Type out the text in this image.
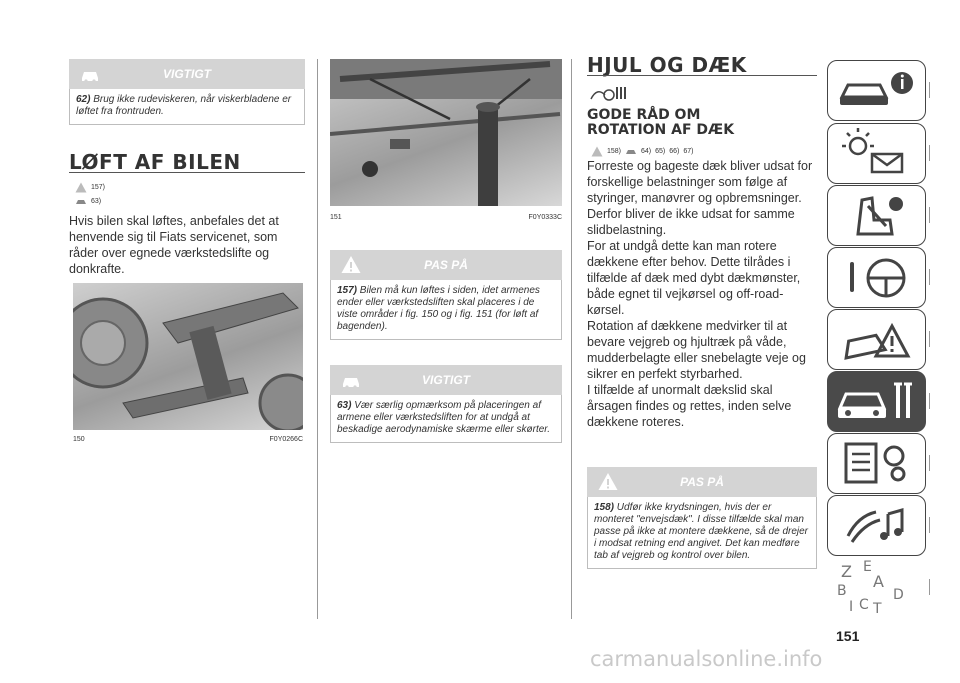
VIGTIGT
62) Brug ikke rudeviskeren, når viskerbladene er løftet fra frontruden.
LØFT AF BILEN
157)
63)
Hvis bilen skal løftes, anbefales det at henvende sig til Fiats servicenet, som råder over egnede værkstedslifte og donkrafte.
150	F0Y0266C
151	F0Y0333C
PAS PÅ
157) Bilen må kun løftes i siden, idet armenes ender eller værkstedsliften skal placeres i de viste områder i fig. 150 og i fig. 151 (for løft af bagenden).
VIGTIGT
63) Vær særlig opmærksom på placeringen af armene eller værkstedsliften for at undgå at beskadige aerodynamiske skærme eller skørter.
HJUL OG DÆK
GODE RÅD OM
ROTATION AF DÆK
158)	64) 65) 66) 67)
Forreste og bageste dæk bliver udsat for forskellige belastninger som følge af styringer, manøvrer og opbremsninger. Derfor bliver de ikke udsat for samme slidbelastning.
For at undgå dette kan man rotere dækkene efter behov. Dette tilrådes i tilfælde af dæk med dybt dækmønster, både egnet til vejkørsel og off-road-kørsel.
Rotation af dækkene medvirker til at bevare vejgreb og hjultræk på våde, mudderbelagte eller snebelagte veje og sikrer en perfekt styrbarhed.
I tilfælde af unormalt dækslid skal årsagen findes og rettes, inden selve dækkene roteres.
PAS PÅ
158) Udfør ikke krydsningen, hvis der er monteret "envejsdæk". I disse tilfælde skal man passe på ikke at montere dækkene, så de drejer i modsat retning end angivet. Det kan medføre tab af vejgreb og kontrol over bilen.
Z E
A
B	D
I C T
151
carmanualsonline.info
